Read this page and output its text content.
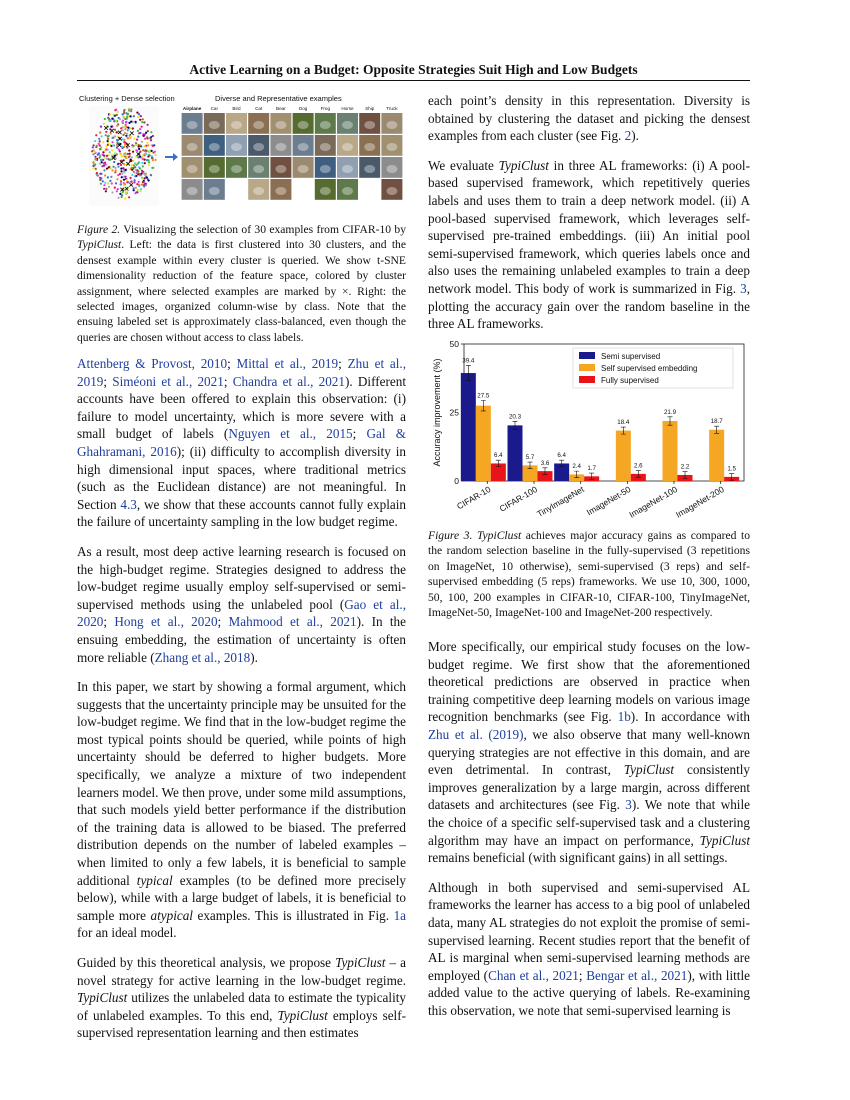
Active Learning on a Budget: Opposite Strategies Suit High and Low Budgets
Clustering + Dense selection	Diverse and Representative examples
Airplane Car	Bird	Cat	Bear	Dog	Frog Horse Ship	Truck
Figure 2. Visualizing the selection of 30 examples from CIFAR-10 by TypiClust. Left: the data is first clustered into 30 clusters, and the densest example within every cluster is queried. We show t-SNE dimensionality reduction of the feature space, colored by cluster assignment, where selected examples are marked by ×. Right: the selected images, organized column-wise by class. Note that the ensuing labeled set is approximately class-balanced, even though the queries are chosen without access to class labels.

Attenberg & Provost, 2010; Mittal et al., 2019; Zhu et al., 2019; Siméoni et al., 2021; Chandra et al., 2021). Different accounts have been offered to explain this observation: (i) failure to model uncertainty, which is more severe with a small budget of labels (Nguyen et al., 2015; Gal & Ghahramani, 2016); (ii) difficulty to accomplish diversity in high dimensional input spaces, where traditional metrics (such as the Euclidean distance) are not meaningful. In Section 4.3, we show that these accounts cannot fully explain the failure of uncertainty sampling in the low budget regime.

As a result, most deep active learning research is focused on the high-budget regime. Strategies designed to address the low-budget regime usually employ self-supervised or semi-supervised methods using the unlabeled pool (Gao et al., 2020; Hong et al., 2020; Mahmood et al., 2021). In the ensuing embedding, the estimation of uncertainty is often more reliable (Zhang et al., 2018).

In this paper, we start by showing a formal argument, which suggests that the uncertainty principle may be unsuited for the low-budget regime. We find that in the low-budget regime the most typical points should be queried, while points of high uncertainty should be deferred to higher budgets. More specifically, we analyze a mixture of two independent learners model. We then prove, under some mild assumptions, that such models yield better performance if the distribution of the training data is allowed to be biased. The preferred distribution depends on the number of labeled examples – when limited to only a few labels, it is beneficial to sample additional typical examples (to be defined more precisely below), while with a large budget of labels, it is beneficial to sample more atypical examples. This is illustrated in Fig. 1a for an ideal model.

Guided by this theoretical analysis, we propose TypiClust – a novel strategy for active learning in the low-budget regime. TypiClust utilizes the unlabeled data to estimate the typicality of unlabeled examples. To this end, TypiClust employs self-supervised representation learning and then estimates

each point’s density in this representation. Diversity is obtained by clustering the dataset and picking the densest examples from each cluster (see Fig. 2).

We evaluate TypiClust in three AL frameworks: (i) A pool-based supervised framework, which repetitively queries labels and uses them to train a deep network model. (ii) A pool-based supervised framework, which leverages self-supervised pre-trained embeddings. (iii) An initial pool semi-supervised framework, which queries labels once and also uses the remaining unlabeled examples to train a deep network model. This body of work is summarized in Fig. 3, plotting the accuracy gain over the random baseline in the three AL frameworks.

0
25
50
Accuracy improvement (%)	39.4
27.5
6.4
CIFAR-10
20.3
5.7
3.6
CIFAR-100
6.4
2.4 1.7
TinyImageNet
18.4
2.6
ImageNet-50
21.9
2.2
ImageNet-100
18.7
1.5
ImageNet-200
Semi supervised
Self supervised embedding
Fully supervised
Figure 3. TypiClust achieves major accuracy gains as compared to the random selection baseline in the fully-supervised (3 repetitions on ImageNet, 10 otherwise), semi-supervised (3 reps) and self-supervised embedding (5 reps) frameworks. We use 10, 300, 1000, 50, 100, 200 examples in CIFAR-10, CIFAR-100, TinyImageNet, ImageNet-50, ImageNet-100 and ImageNet-200 respectively.

More specifically, our empirical study focuses on the low-budget regime. We first show that the aforementioned theoretical predictions are observed in practice when training competitive deep learning models on various image recognition benchmarks (see Fig. 1b). In accordance with Zhu et al. (2019), we also observe that many well-known querying strategies are not effective in this domain, and are even detrimental. In contrast, TypiClust consistently improves generalization by a large margin, across different datasets and architectures (see Fig. 3). We note that while the choice of a specific self-supervised task and a clustering algorithm may have an impact on performance, TypiClust remains beneficial (with significant gains) in all settings.

Although in both supervised and semi-supervised AL frameworks the learner has access to a big pool of unlabeled data, many AL strategies do not exploit the promise of semi-supervised learning. Recent studies report that the benefit of AL is marginal when semi-supervised learning methods are employed (Chan et al., 2021; Bengar et al., 2021), with little added value to the active querying of labels. Re-examining this observation, we note that semi-supervised learning is
